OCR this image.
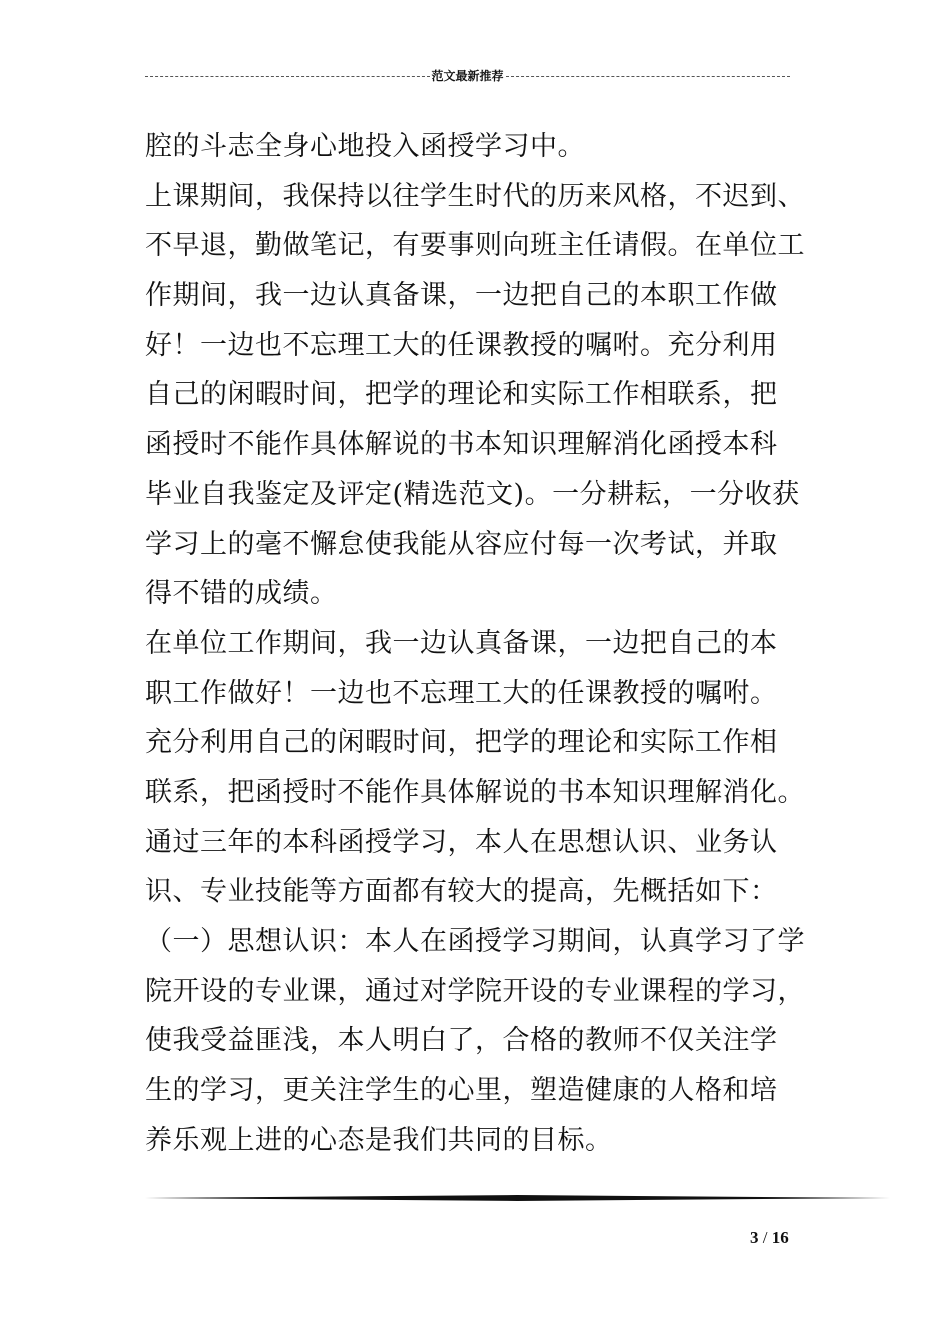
范文最新推荐
腔的斗志全身心地投入函授学习中。
上课期间，我保持以往学生时代的历来风格，不迟到、
不早退，勤做笔记，有要事则向班主任请假。在单位工
作期间，我一边认真备课，一边把自己的本职工作做
好！一边也不忘理工大的任课教授的嘱咐。充分利用
自己的闲暇时间，把学的理论和实际工作相联系，把
函授时不能作具体解说的书本知识理解消化函授本科
毕业自我鉴定及评定(精选范文)。一分耕耘，一分收获
学习上的毫不懈怠使我能从容应付每一次考试，并取
得不错的成绩。
在单位工作期间，我一边认真备课，一边把自己的本
职工作做好！一边也不忘理工大的任课教授的嘱咐。
充分利用自己的闲暇时间，把学的理论和实际工作相
联系，把函授时不能作具体解说的书本知识理解消化。
通过三年的本科函授学习，本人在思想认识、业务认
识、专业技能等方面都有较大的提高，先概括如下：
（一）思想认识：本人在函授学习期间，认真学习了学
院开设的专业课，通过对学院开设的专业课程的学习，
使我受益匪浅，本人明白了，合格的教师不仅关注学
生的学习，更关注学生的心里，塑造健康的人格和培
养乐观上进的心态是我们共同的目标。
3 / 16
